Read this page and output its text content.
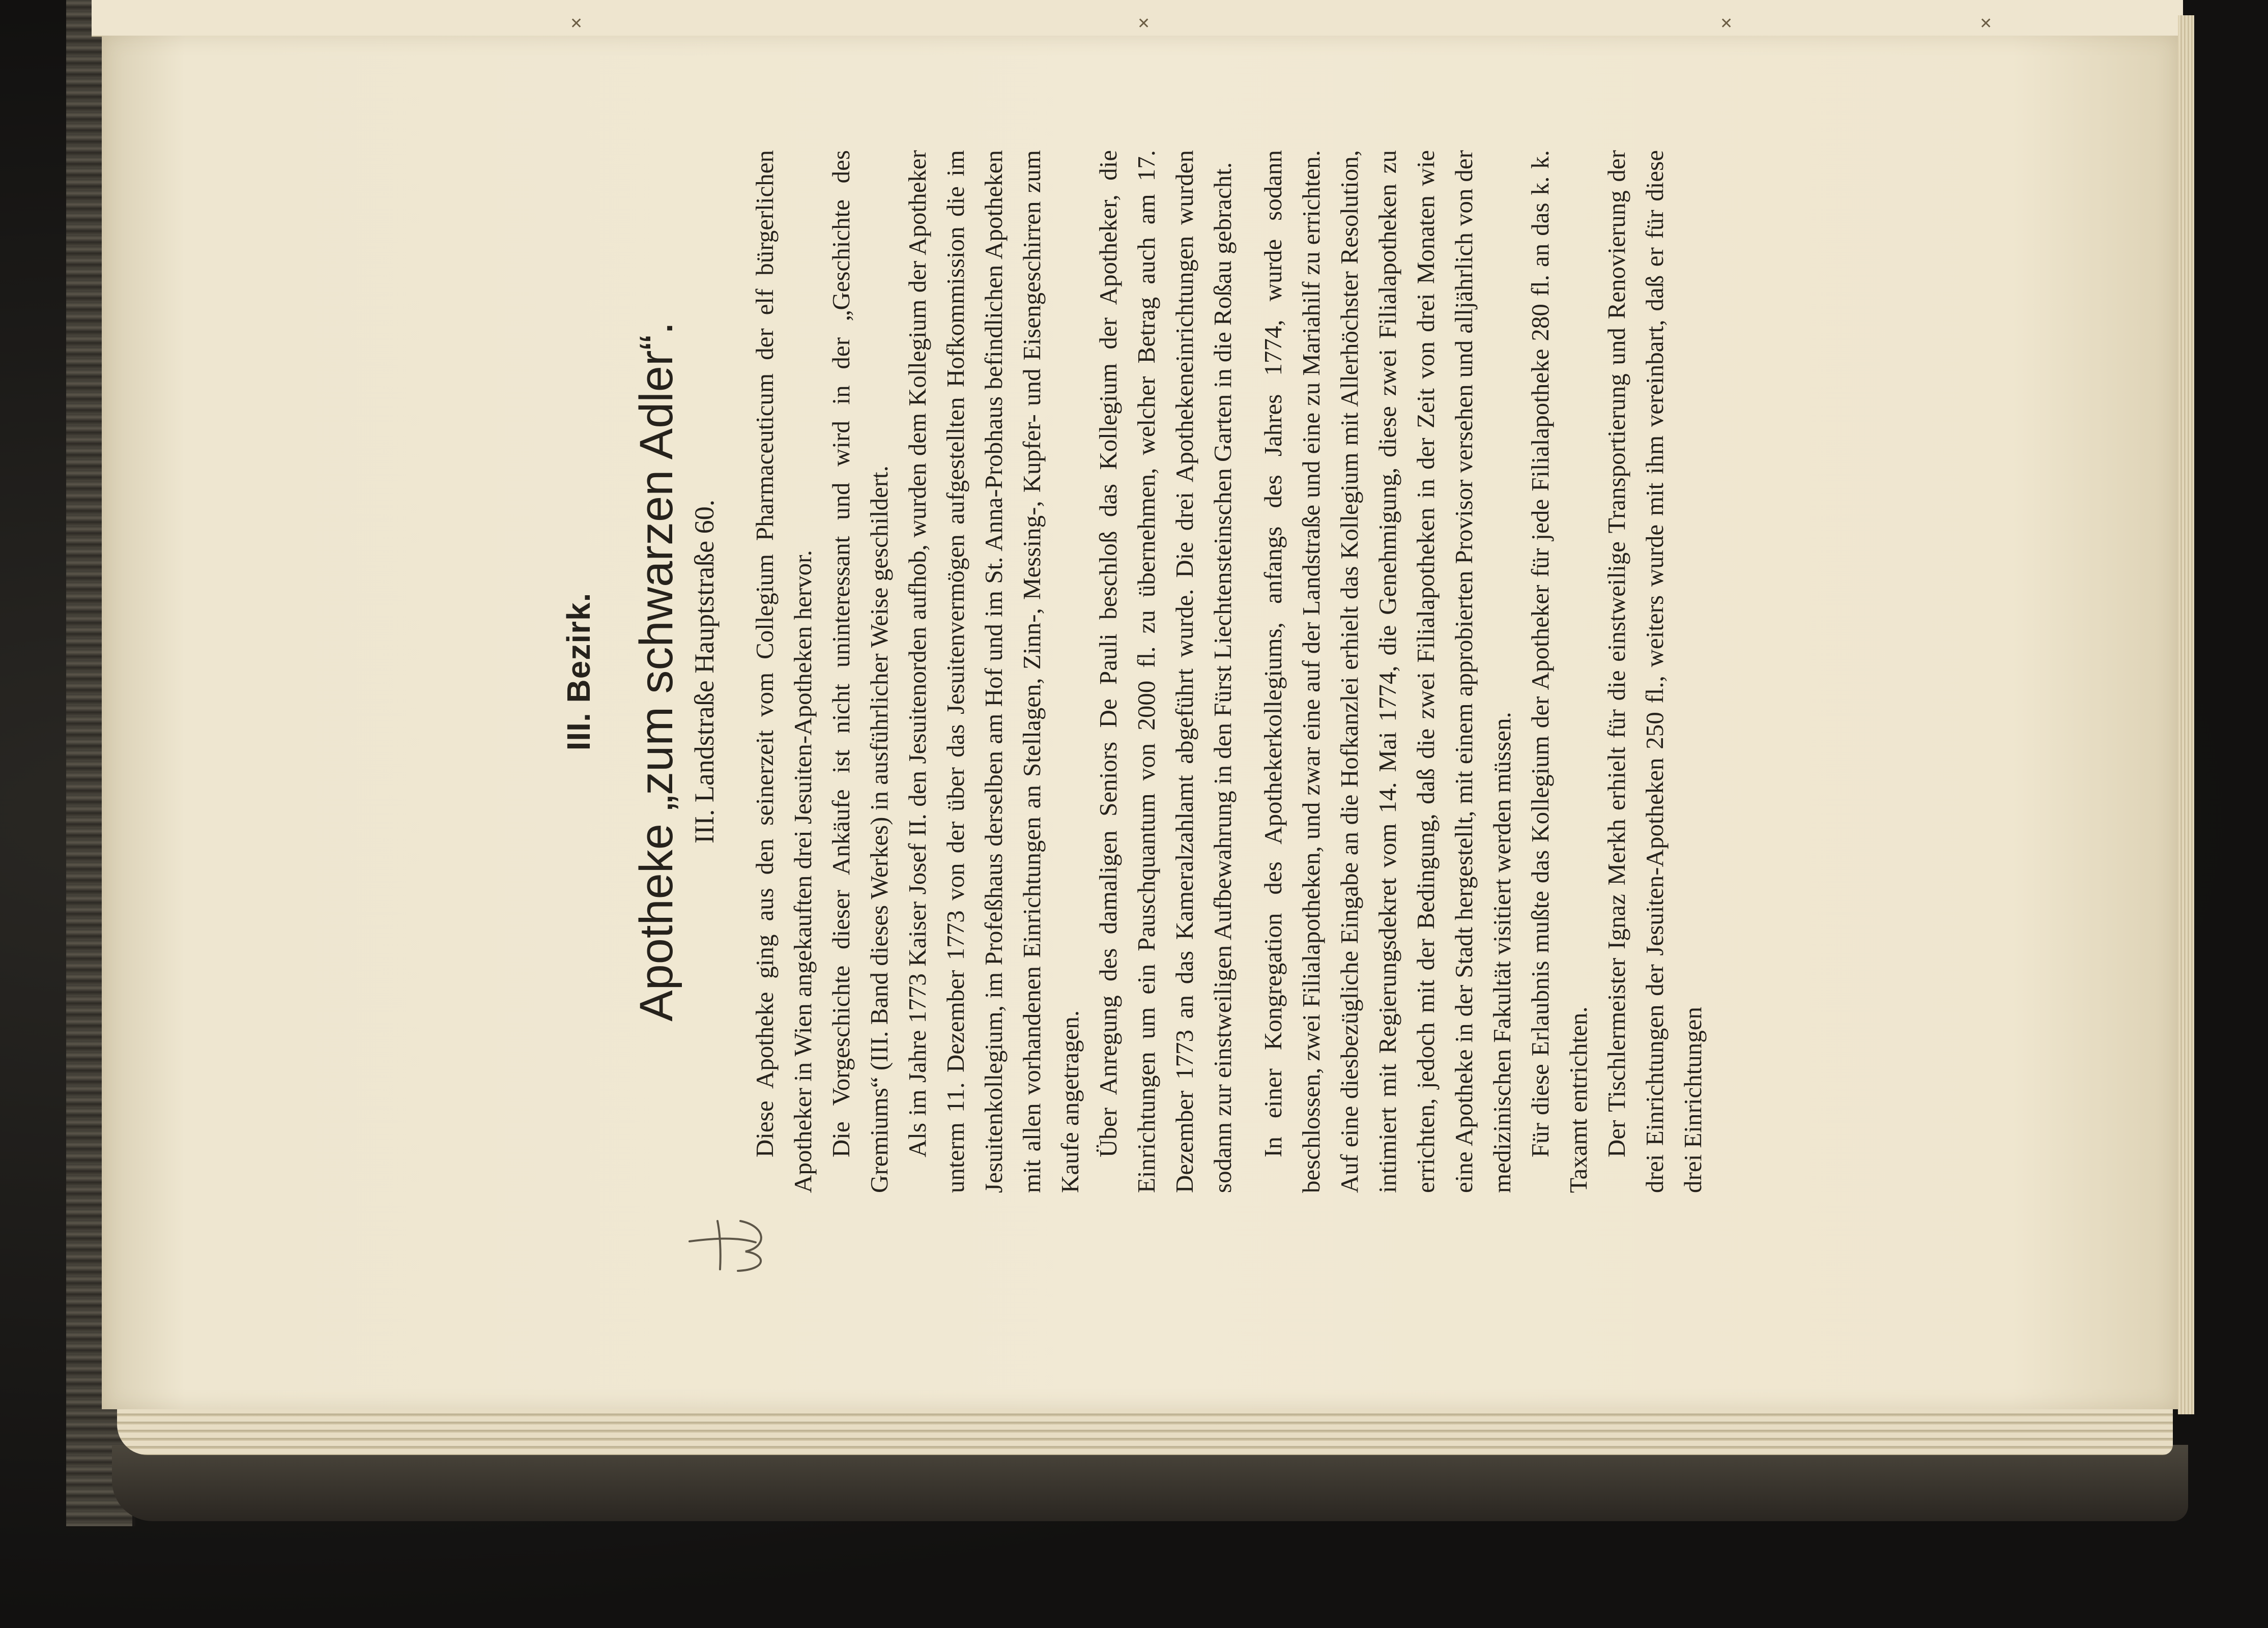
✕	✕	✕	✕
III. Bezirk. Apotheke „zum schwarzen Adler“. III. Landstraße Hauptstraße 60. Diese Apotheke ging aus den seinerzeit vom Collegium Pharmaceuticum der elf bürgerlichen Apotheker in Wien angekauften drei Jesuiten-Apotheken hervor. Die Vorgeschichte dieser Ankäufe ist nicht uninteressant und wird in der „Geschichte des Gremiums“ (III. Band dieses Werkes) in ausführlicher Weise geschildert. Als im Jahre 1773 Kaiser Josef II. den Jesuitenorden aufhob, wurden dem Kollegium der Apotheker unterm 11. Dezember 1773 von der über das Jesuitenvermögen aufgestellten Hofkommission die im Jesuitenkollegium, im Profeßhaus derselben am Hof und im St. Anna-Probhaus befindlichen Apotheken mit allen vorhandenen Einrichtungen an Stellagen, Zinn-, Messing-, Kupfer- und Eisengeschirren zum Kaufe angetragen. Über Anregung des damaligen Seniors De Pauli beschloß das Kollegium der Apotheker, die Einrichtungen um ein Pauschquantum von 2000 fl. zu übernehmen, welcher Betrag auch am 17. Dezember 1773 an das Kameralzahlamt abgeführt wurde. Die drei Apothekeneinrichtungen wurden sodann zur einstweiligen Aufbewahrung in den Fürst Liechtensteinschen Garten in die Roßau gebracht. In einer Kongregation des Apothekerkollegiums, anfangs des Jahres 1774, wurde sodann beschlossen, zwei Filialapotheken, und zwar eine auf der Landstraße und eine zu Mariahilf zu errichten. Auf eine diesbezügliche Eingabe an die Hofkanzlei erhielt das Kollegium mit Allerhöchster Resolution, intimiert mit Regierungsdekret vom 14. Mai 1774, die Genehmigung, diese zwei Filialapotheken zu errichten, jedoch mit der Bedingung, daß die zwei Filialapotheken in der Zeit von drei Monaten wie eine Apotheke in der Stadt hergestellt, mit einem approbierten Provisor versehen und alljährlich von der medizinischen Fakultät visitiert werden müssen. Für diese Erlaubnis mußte das Kollegium der Apotheker für jede Filialapotheke 280 fl. an das k. k. Taxamt entrichten. Der Tischlermeister Ignaz Merkh erhielt für die einstweilige Transportierung und Renovierung der drei Einrichtungen der Jesuiten-Apotheken 250 fl., weiters wurde mit ihm vereinbart, daß er für diese drei Einrichtungen
